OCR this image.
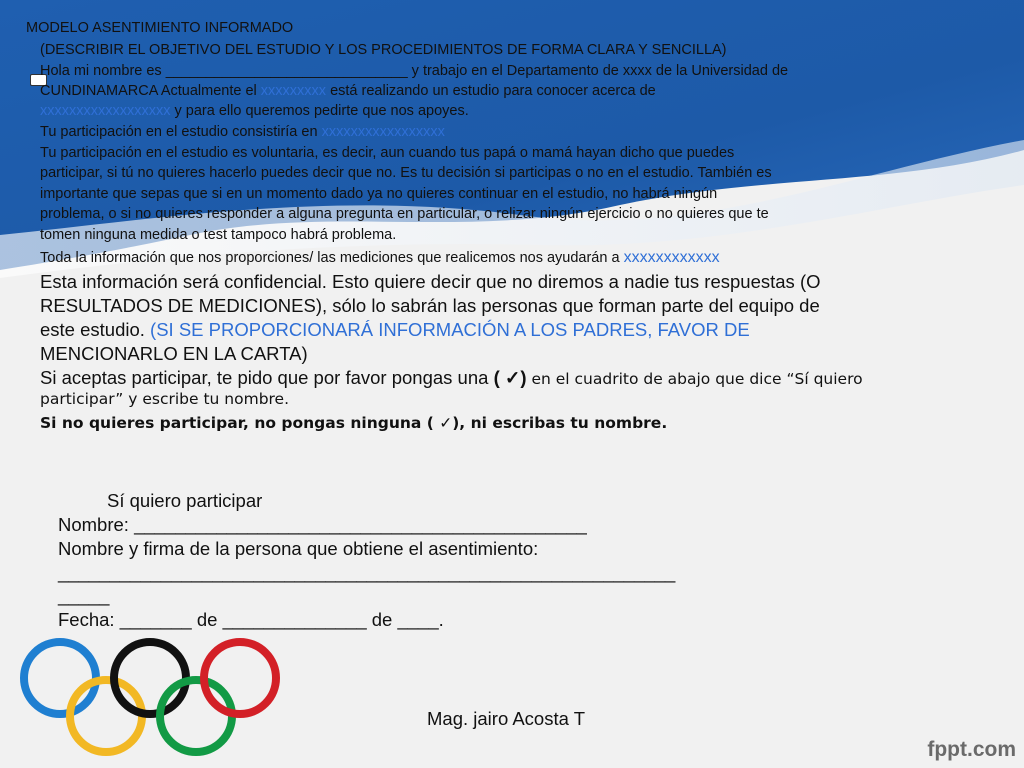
MODELO ASENTIMIENTO INFORMADO
(DESCRIBIR EL OBJETIVO DEL ESTUDIO Y LOS PROCEDIMIENTOS DE FORMA CLARA Y SENCILLA)
Hola mi nombre es ______________________________ y trabajo en el Departamento de xxxx de la Universidad de
CUNDINAMARCA Actualmente el xxxxxxxxx está realizando un estudio para conocer acerca de
xxxxxxxxxxxxxxxxxx y para ello queremos pedirte que nos apoyes.
Tu participación en el estudio consistiría en xxxxxxxxxxxxxxxxx
Tu participación en el estudio es voluntaria, es decir, aun cuando tus papá o mamá hayan dicho que puedes
participar, si tú no quieres hacerlo puedes decir que no. Es tu decisión si participas o no en el estudio. También es
importante que sepas que si en un momento dado ya no quieres continuar en el estudio, no habrá ningún
problema, o si no quieres responder a alguna pregunta en particular, o relizar ningún ejercicio o no quieres que te
tomen ninguna medida o test tampoco habrá problema.
Toda la información que nos proporciones/ las mediciones que realicemos nos ayudarán a xxxxxxxxxxxx
Esta información será confidencial. Esto quiere decir que no diremos a nadie tus respuestas (O
RESULTADOS DE MEDICIONES), sólo lo sabrán las personas que forman parte del equipo de
este estudio. (SI SE PROPORCIONARÁ INFORMACIÓN A LOS PADRES, FAVOR DE
MENCIONARLO EN LA CARTA)
Si aceptas participar, te pido que por favor pongas una ( ✓) en el cuadrito de abajo que dice “Sí quiero
participar” y escribe tu nombre.
Si no quieres participar, no pongas ninguna ( ✓), ni escribas tu nombre.
Sí quiero participar
Nombre: ____________________________________________
Nombre y firma de la persona que obtiene el asentimiento:
____________________________________________________________
_____
Fecha: _______ de ______________ de ____.
Mag. jairo Acosta T
fppt.com
